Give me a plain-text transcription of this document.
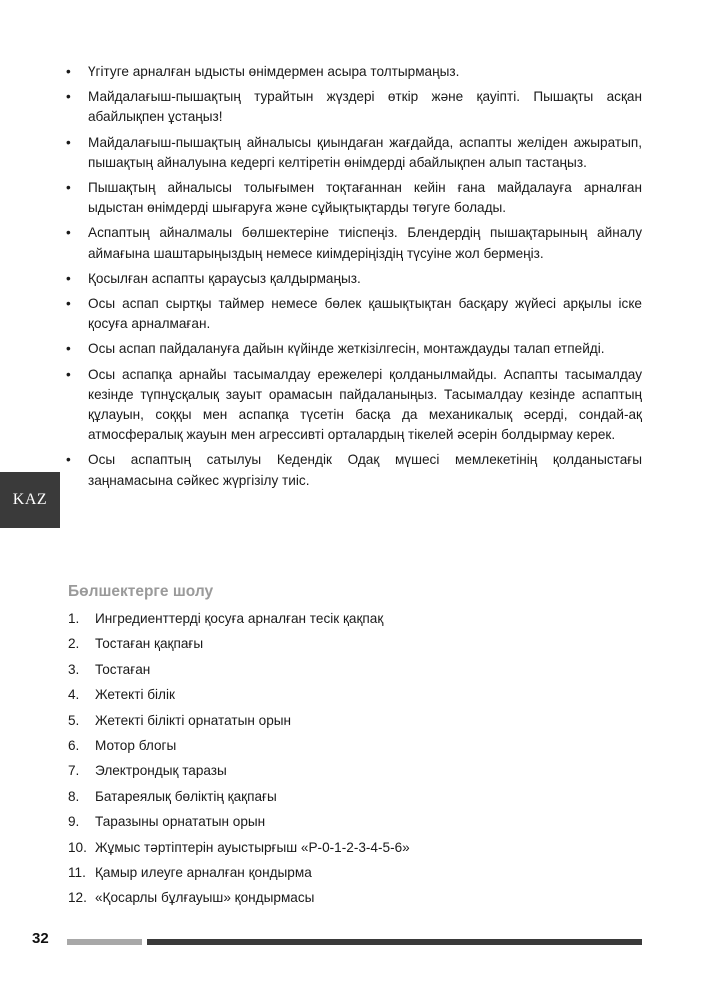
• Үгітуге арналған ыдысты өнімдермен асыра толтырмаңыз.
• Майдалағыш-пышақтың турайтын жүздері өткір және қауіпті. Пышақты асқан абайлықпен ұстаңыз!
• Майдалағыш-пышақтың айналысы қиындаған жағдайда, аспапты желіден ажыратып, пышақтың айналуына кедергі келтіретін өнімдерді абайлықпен алып тастаңыз.
• Пышақтың айналысы толығымен тоқтағаннан кейін ғана майдалауға арналған ыдыстан өнімдерді шығаруға және сұйықтықтарды төгуге болады.
• Аспаптың айналмалы бөлшектеріне тиіспеңіз. Блендердің пышақтарының айналу аймағына шаштарыңыздың немесе киімдеріңіздің түсуіне жол бермеңіз.
• Қосылған аспапты қараусыз қалдырмаңыз.
• Осы аспап сыртқы таймер немесе бөлек қашықтықтан басқару жүйесі арқылы іске қосуға арналмаған.
• Осы аспап пайдалануға дайын күйінде жеткізілгесін, монтаждауды талап етпейді.
• Осы аспапқа арнайы тасымалдау ережелері қолданылмайды. Аспапты тасымалдау кезінде түпнұсқалық зауыт орамасын пайдаланыңыз. Тасымалдау кезінде аспаптың құлауын, соққы мен аспапқа түсетін басқа да механикалық әсерді, сондай-ақ атмосфералық жауын мен агрессивті орталардың тікелей әсерін болдырмау керек.
• Осы аспаптың сатылуы Кедендік Одақ мүшесі мемлекетінің қолданыстағы заңнамасына сәйкес жүргізілу тиіс.
KAZ
Бөлшектерге шолу
1. Ингредиенттерді қосуға арналған тесік қақпақ
2. Тостаған қақпағы
3. Тостаған
4. Жетекті білік
5. Жетекті білікті орнататын орын
6. Мотор блогы
7. Электрондық таразы
8. Батареялық бөліктің қақпағы
9. Таразыны орнататын орын
10. Жұмыс тәртіптерін ауыстырғыш «P-0-1-2-3-4-5-6»
11. Қамыр илеуге арналған қондырма
12. «Қосарлы бұлғауыш» қондырмасы
32
